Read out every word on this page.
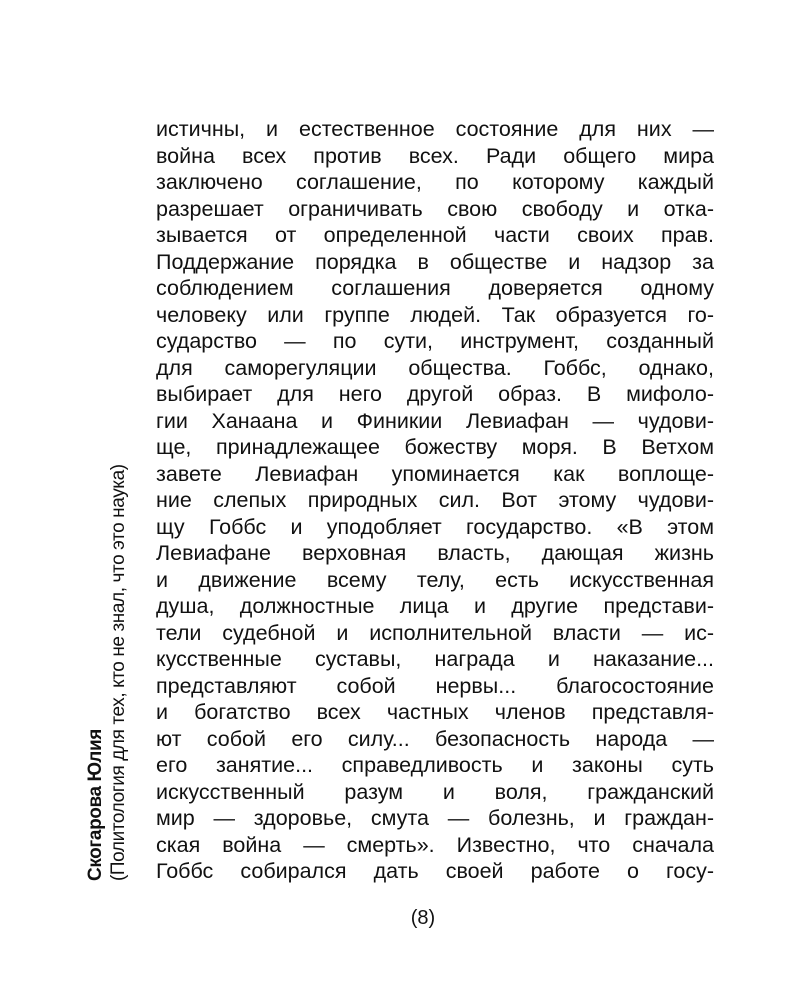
Скогарова Юлия (Политология для тех, кто не знал, что это наука)
истичны, и естественное состояние для них —
война всех против всех. Ради общего мира
заключено соглашение, по которому каждый
разрешает ограничивать свою свободу и отка-
зывается от определенной части своих прав.
Поддержание порядка в обществе и надзор за
соблюдением соглашения доверяется одному
человеку или группе людей. Так образуется го-
сударство — по сути, инструмент, созданный
для саморегуляции общества. Гоббс, однако,
выбирает для него другой образ. В мифоло-
гии Ханаана и Финикии Левиафан — чудови-
ще, принадлежащее божеству моря. В Ветхом
завете Левиафан упоминается как воплоще-
ние слепых природных сил. Вот этому чудови-
щу Гоббс и уподобляет государство. «В этом
Левиафане верховная власть, дающая жизнь
и движение всему телу, есть искусственная
душа, должностные лица и другие представи-
тели судебной и исполнительной власти — ис-
кусственные суставы, награда и наказание...
представляют собой нервы... благосостояние
и богатство всех частных членов представля-
ют собой его силу... безопасность народа —
его занятие... справедливость и законы суть
искусственный разум и воля, гражданский
мир — здоровье, смута — болезнь, и граждан-
ская война — смерть». Известно, что сначала
Гоббс собирался дать своей работе о госу-
(8)
